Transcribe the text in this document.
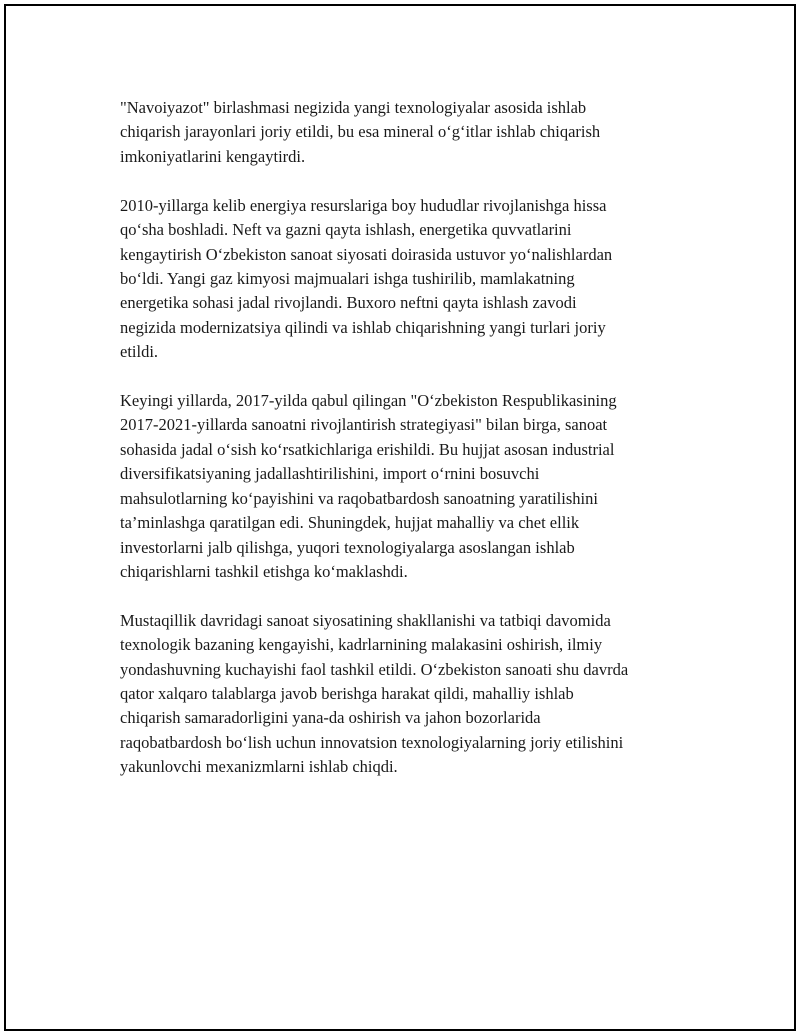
"Navoiyazot" birlashmasi negizida yangi texnologiyalar asosida ishlab
chiqarish jarayonlari joriy etildi, bu esa mineral o‘g‘itlar ishlab chiqarish
imkoniyatlarini kengaytirdi.

2010-yillarga kelib energiya resurslariga boy hududlar rivojlanishga hissa
qo‘sha boshladi. Neft va gazni qayta ishlash, energetika quvvatlarini
kengaytirish O‘zbekiston sanoat siyosati doirasida ustuvor yo‘nalishlardan
bo‘ldi. Yangi gaz kimyosi majmualari ishga tushirilib, mamlakatning
energetika sohasi jadal rivojlandi. Buxoro neftni qayta ishlash zavodi
negizida modernizatsiya qilindi va ishlab chiqarishning yangi turlari joriy
etildi.

Keyingi yillarda, 2017-yilda qabul qilingan "O‘zbekiston Respublikasining
2017-2021-yillarda sanoatni rivojlantirish strategiyasi" bilan birga, sanoat
sohasida jadal o‘sish ko‘rsatkichlariga erishildi. Bu hujjat asosan industrial
diversifikatsiyaning jadallashtirilishini, import o‘rnini bosuvchi
mahsulotlarning ko‘payishini va raqobatbardosh sanoatning yaratilishini
ta’minlashga qaratilgan edi. Shuningdek, hujjat mahalliy va chet ellik
investorlarni jalb qilishga, yuqori texnologiyalarga asoslangan ishlab
chiqarishlarni tashkil etishga ko‘maklashdi.

Mustaqillik davridagi sanoat siyosatining shakllanishi va tatbiqi davomida
texnologik bazaning kengayishi, kadrlarnining malakasini oshirish, ilmiy
yondashuvning kuchayishi faol tashkil etildi. O‘zbekiston sanoati shu davrda
qator xalqaro talablarga javob berishga harakat qildi, mahalliy ishlab
chiqarish samaradorligini yana-da oshirish va jahon bozorlarida
raqobatbardosh bo‘lish uchun innovatsion texnologiyalarning joriy etilishini
yakunlovchi mexanizmlarni ishlab chiqdi.
